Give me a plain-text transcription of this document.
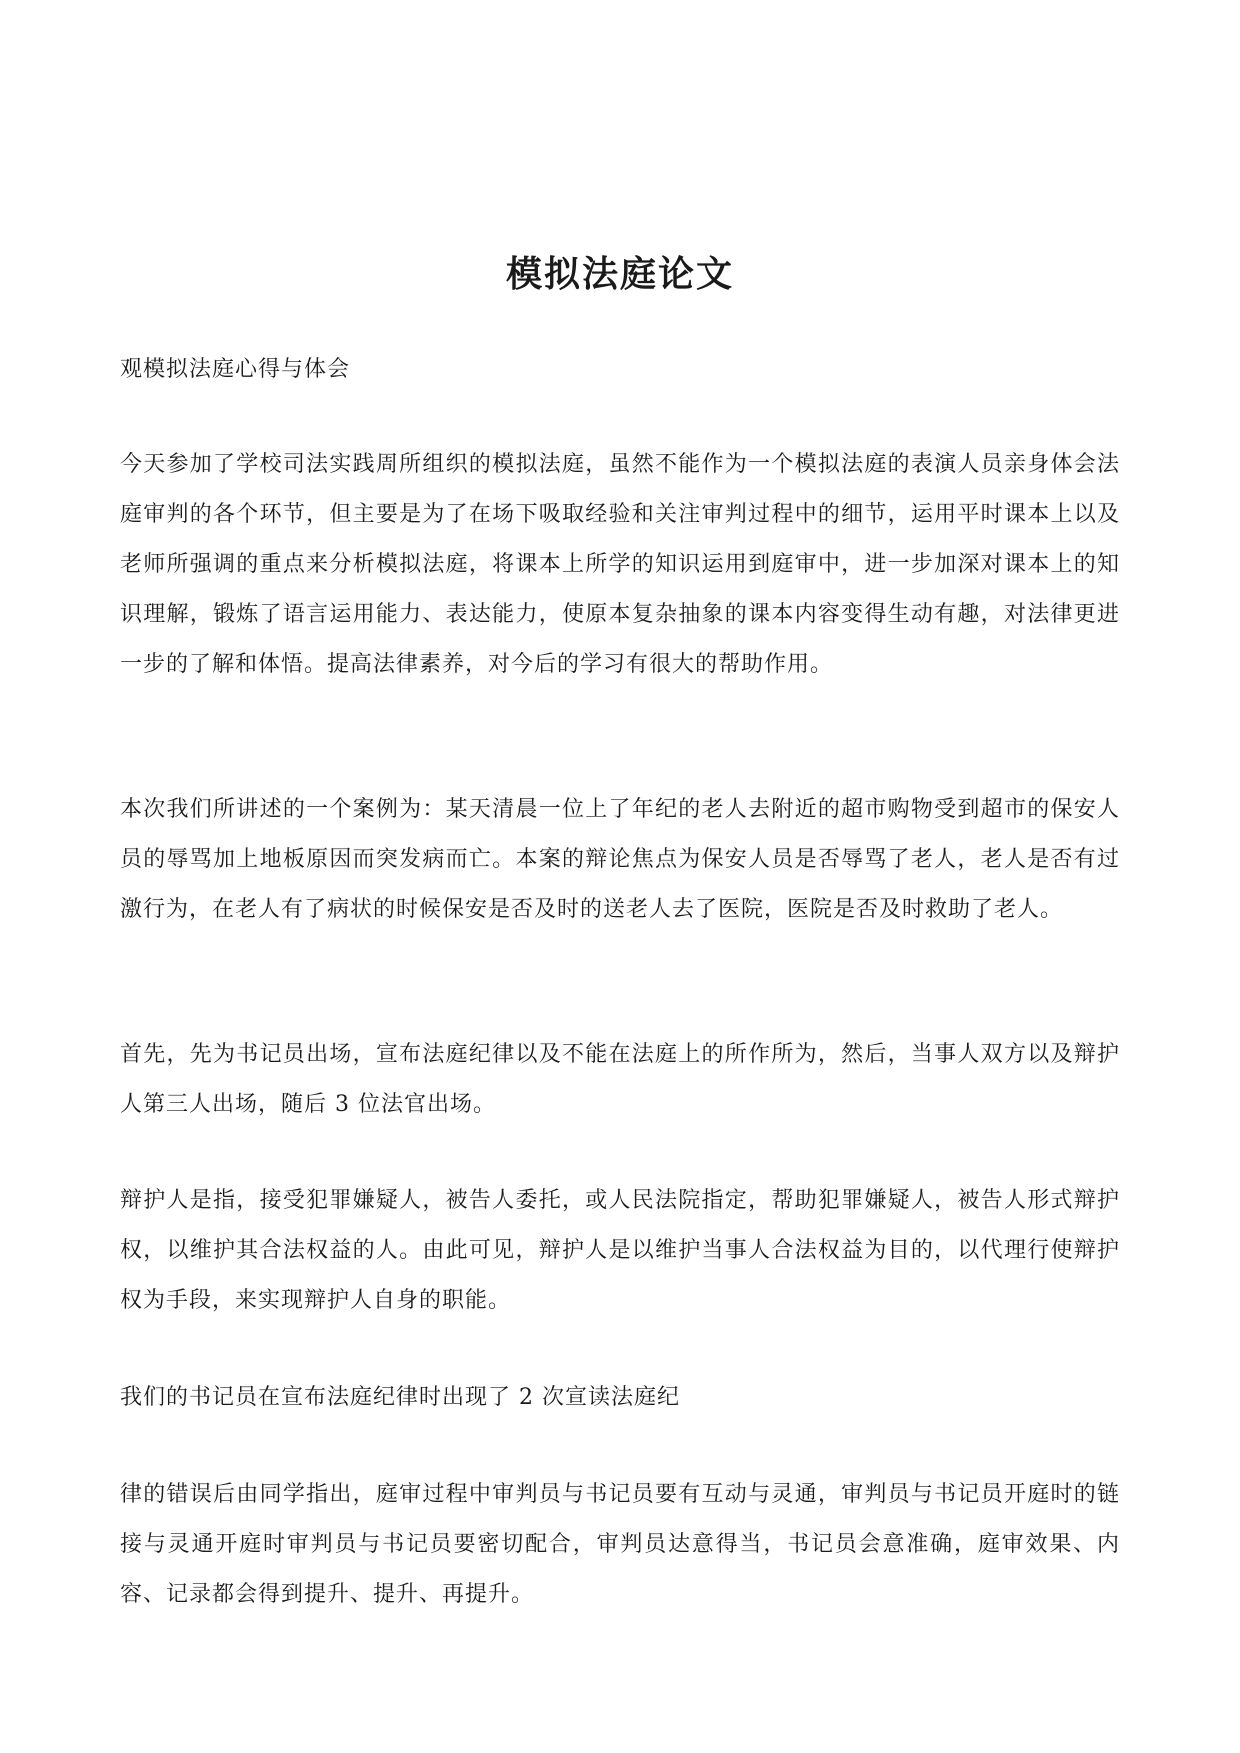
模拟法庭论文

观模拟法庭心得与体会

今天参加了学校司法实践周所组织的模拟法庭，虽然不能作为一个模拟法庭的表演人员亲身体会法庭审判的各个环节，但主要是为了在场下吸取经验和关注审判过程中的细节，运用平时课本上以及老师所强调的重点来分析模拟法庭，将课本上所学的知识运用到庭审中，进一步加深对课本上的知识理解，锻炼了语言运用能力、表达能力，使原本复杂抽象的课本内容变得生动有趣，对法律更进一步的了解和体悟。提高法律素养，对今后的学习有很大的帮助作用。

本次我们所讲述的一个案例为：某天清晨一位上了年纪的老人去附近的超市购物受到超市的保安人员的辱骂加上地板原因而突发病而亡。本案的辩论焦点为保安人员是否辱骂了老人，老人是否有过激行为，在老人有了病状的时候保安是否及时的送老人去了医院，医院是否及时救助了老人。

首先，先为书记员出场，宣布法庭纪律以及不能在法庭上的所作所为，然后，当事人双方以及辩护人第三人出场，随后 3 位法官出场。

辩护人是指，接受犯罪嫌疑人，被告人委托，或人民法院指定，帮助犯罪嫌疑人，被告人形式辩护权，以维护其合法权益的人。由此可见，辩护人是以维护当事人合法权益为目的，以代理行使辩护权为手段，来实现辩护人自身的职能。

我们的书记员在宣布法庭纪律时出现了 2 次宣读法庭纪

律的错误后由同学指出，庭审过程中审判员与书记员要有互动与灵通，审判员与书记员开庭时的链接与灵通开庭时审判员与书记员要密切配合，审判员达意得当，书记员会意准确，庭审效果、内容、记录都会得到提升、提升、再提升。
